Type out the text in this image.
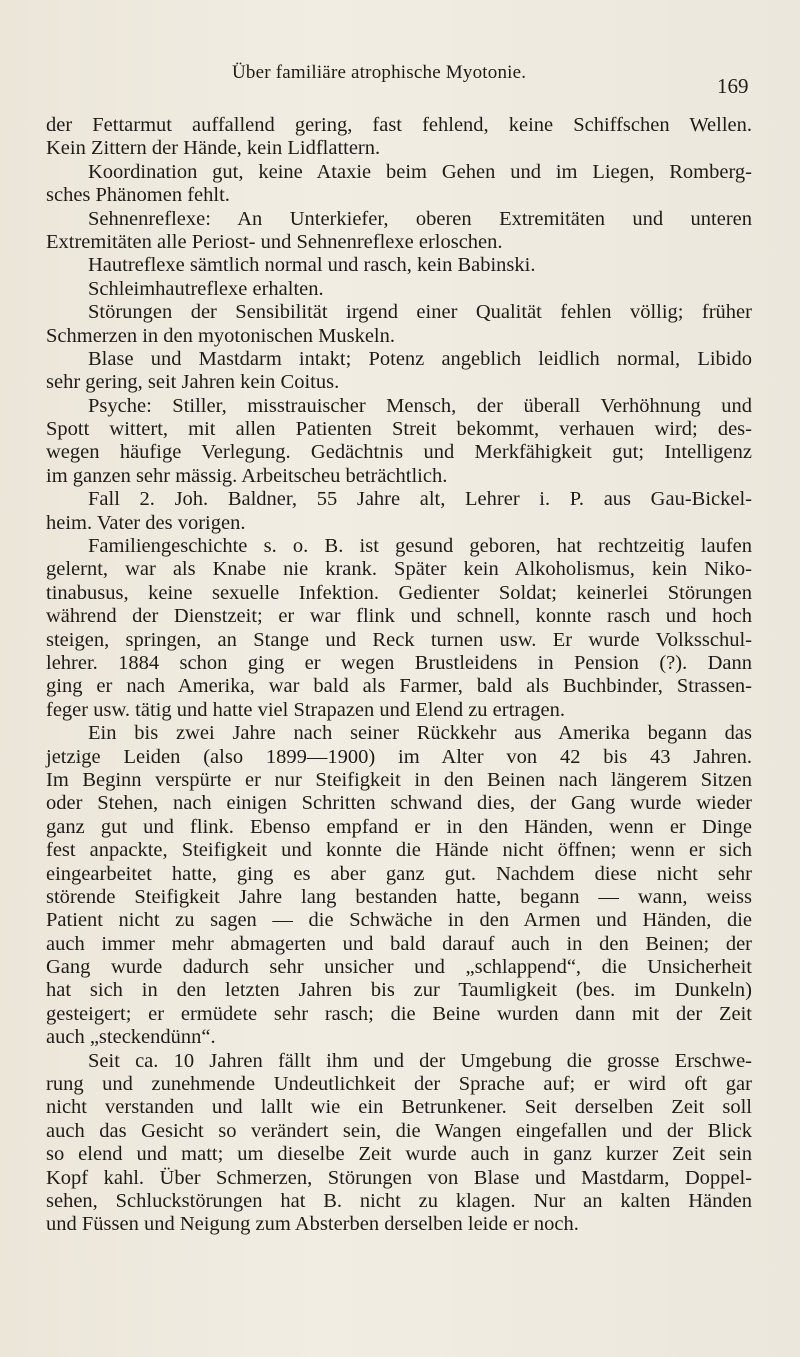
Über familiäre atrophische Myotonie.
169
der Fettarmut auffallend gering, fast fehlend, keine Schiffschen Wellen.
Kein Zittern der Hände, kein Lidflattern.
Koordination gut, keine Ataxie beim Gehen und im Liegen, Romberg-
sches Phänomen fehlt.
Sehnenreflexe: An Unterkiefer, oberen Extremitäten und unteren
Extremitäten alle Periost- und Sehnenreflexe erloschen.
Hautreflexe sämtlich normal und rasch, kein Babinski.
Schleimhautreflexe erhalten.
Störungen der Sensibilität irgend einer Qualität fehlen völlig; früher
Schmerzen in den myotonischen Muskeln.
Blase und Mastdarm intakt; Potenz angeblich leidlich normal, Libido
sehr gering, seit Jahren kein Coitus.
Psyche: Stiller, misstrauischer Mensch, der überall Verhöhnung und
Spott wittert, mit allen Patienten Streit bekommt, verhauen wird; des-
wegen häufige Verlegung. Gedächtnis und Merkfähigkeit gut; Intelligenz
im ganzen sehr mässig. Arbeitscheu beträchtlich.
Fall 2. Joh. Baldner, 55 Jahre alt, Lehrer i. P. aus Gau-Bickel-
heim. Vater des vorigen.
Familiengeschichte s. o. B. ist gesund geboren, hat rechtzeitig laufen
gelernt, war als Knabe nie krank. Später kein Alkoholismus, kein Niko-
tinabusus, keine sexuelle Infektion. Gedienter Soldat; keinerlei Störungen
während der Dienstzeit; er war flink und schnell, konnte rasch und hoch
steigen, springen, an Stange und Reck turnen usw. Er wurde Volksschul-
lehrer. 1884 schon ging er wegen Brustleidens in Pension (?). Dann
ging er nach Amerika, war bald als Farmer, bald als Buchbinder, Strassen-
feger usw. tätig und hatte viel Strapazen und Elend zu ertragen.
Ein bis zwei Jahre nach seiner Rückkehr aus Amerika begann das
jetzige Leiden (also 1899—1900) im Alter von 42 bis 43 Jahren.
Im Beginn verspürte er nur Steifigkeit in den Beinen nach längerem Sitzen
oder Stehen, nach einigen Schritten schwand dies, der Gang wurde wieder
ganz gut und flink. Ebenso empfand er in den Händen, wenn er Dinge
fest anpackte, Steifigkeit und konnte die Hände nicht öffnen; wenn er sich
eingearbeitet hatte, ging es aber ganz gut. Nachdem diese nicht sehr
störende Steifigkeit Jahre lang bestanden hatte, begann — wann, weiss
Patient nicht zu sagen — die Schwäche in den Armen und Händen, die
auch immer mehr abmagerten und bald darauf auch in den Beinen; der
Gang wurde dadurch sehr unsicher und „schlappend“, die Unsicherheit
hat sich in den letzten Jahren bis zur Taumligkeit (bes. im Dunkeln)
gesteigert; er ermüdete sehr rasch; die Beine wurden dann mit der Zeit
auch „steckendünn“.
Seit ca. 10 Jahren fällt ihm und der Umgebung die grosse Erschwe-
rung und zunehmende Undeutlichkeit der Sprache auf; er wird oft gar
nicht verstanden und lallt wie ein Betrunkener. Seit derselben Zeit soll
auch das Gesicht so verändert sein, die Wangen eingefallen und der Blick
so elend und matt; um dieselbe Zeit wurde auch in ganz kurzer Zeit sein
Kopf kahl. Über Schmerzen, Störungen von Blase und Mastdarm, Doppel-
sehen, Schluckstörungen hat B. nicht zu klagen. Nur an kalten Händen
und Füssen und Neigung zum Absterben derselben leide er noch.
